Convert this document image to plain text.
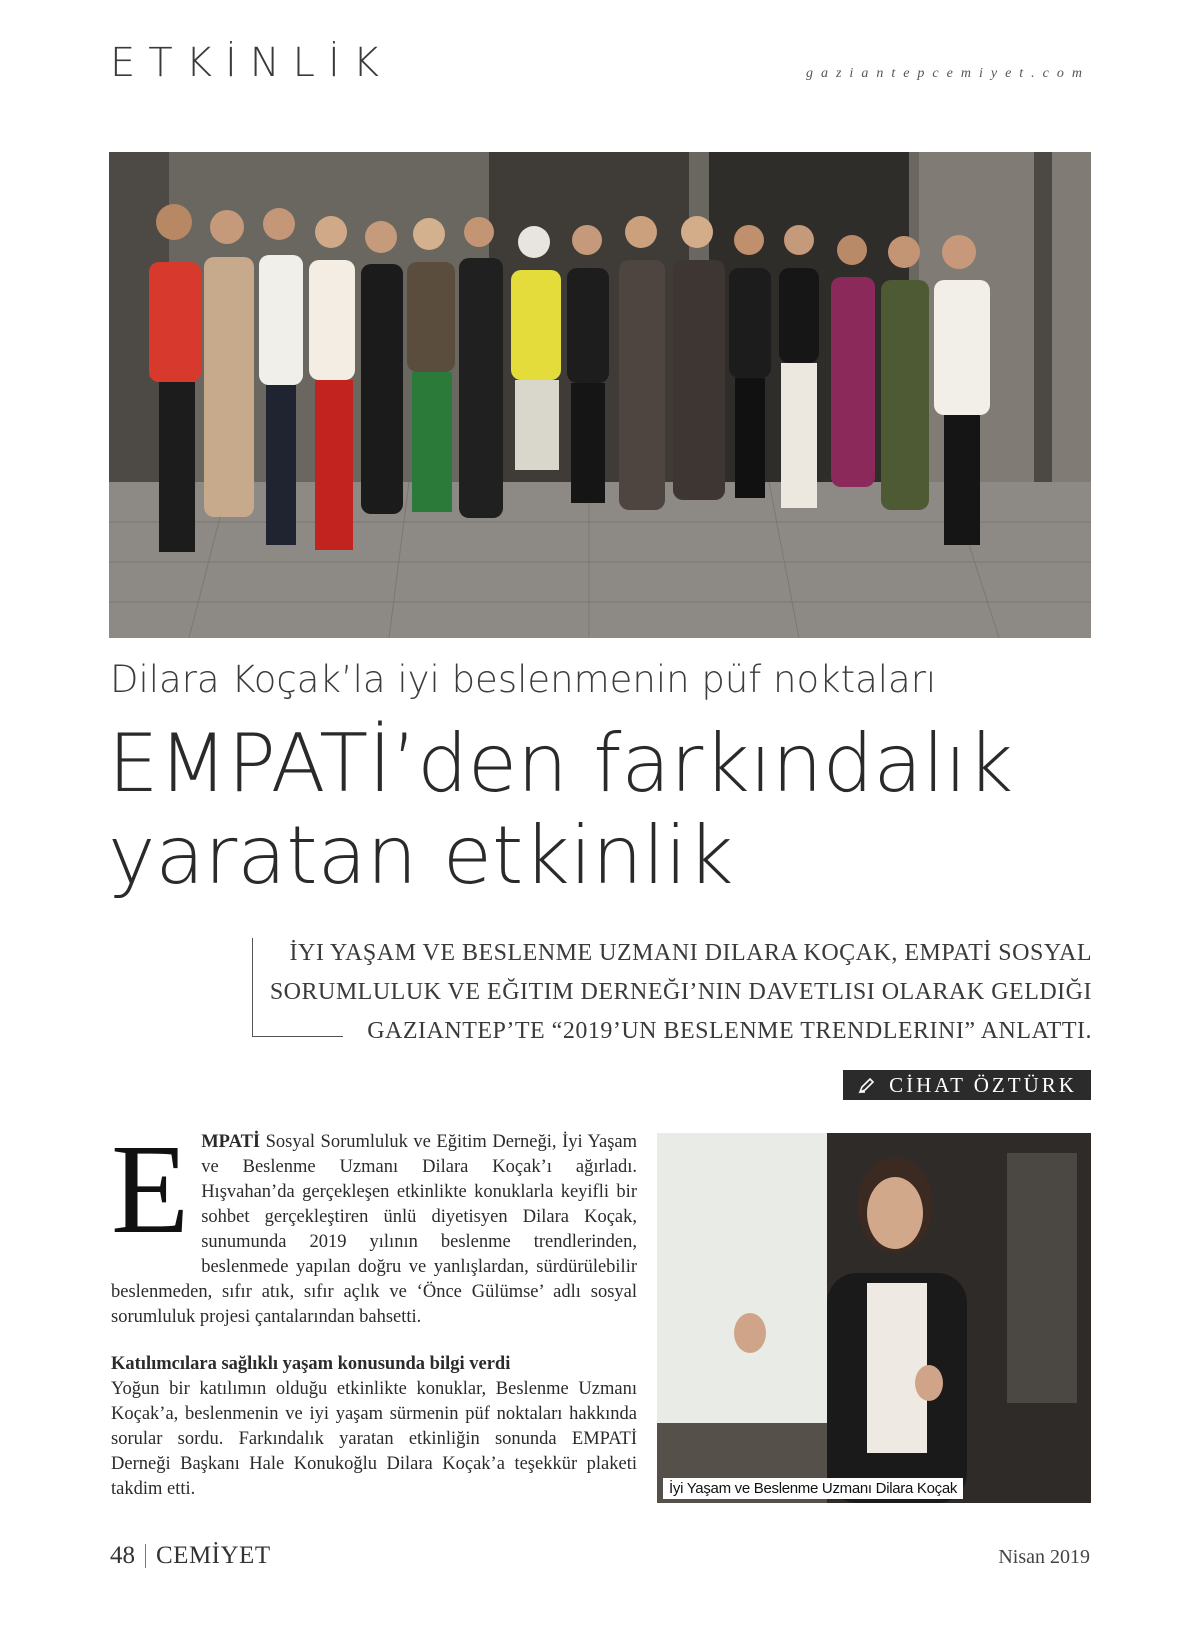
ETKİNLİK	gaziantepcemiyet.com
Dilara Koçak’la iyi beslenmenin püf noktaları
EMPATİ’den farkındalık
yaratan etkinlik
İYI YAŞAM VE BESLENME UZMANI DILARA KOÇAK, EMPATİ SOSYAL
SORUMLULUK VE EĞITIM DERNEĞI’NIN DAVETLISI OLARAK GELDIĞI
GAZIANTEP’TE “2019’UN BESLENME TRENDLERINI” ANLATTI.
CİHAT ÖZTÜRK

EMPATİ Sosyal Sorumluluk ve Eğitim Derneği, İyi Yaşam ve Beslenme Uzmanı Dilara Koçak’ı ağırladı. Hışvahan’da gerçekleşen etkinlikte konuklarla keyifli bir sohbet gerçekleştiren ünlü diyetisyen Dilara Koçak, sunumunda 2019 yılının beslenme trendlerinden, beslenmede yapılan doğru ve yanlışlardan, sürdürülebilir beslenmeden, sıfır atık, sıfır açlık ve ‘Önce Gülümse’ adlı sosyal sorumluluk projesi çantalarından bahsetti.

Katılımcılara sağlıklı yaşam konusunda bilgi verdi
Yoğun bir katılımın olduğu etkinlikte konuklar, Beslenme Uzmanı Koçak’a, beslenmenin ve iyi yaşam sürmenin püf noktaları hakkında sorular sordu. Farkındalık yaratan etkinliğin sonunda EMPATİ Derneği Başkanı Hale Konukoğlu Dilara Koçak’a teşekkür plaketi takdim etti.	İyi Yaşam ve Beslenme Uzmanı Dilara Koçak
48 CEMİYET	Nisan 2019
